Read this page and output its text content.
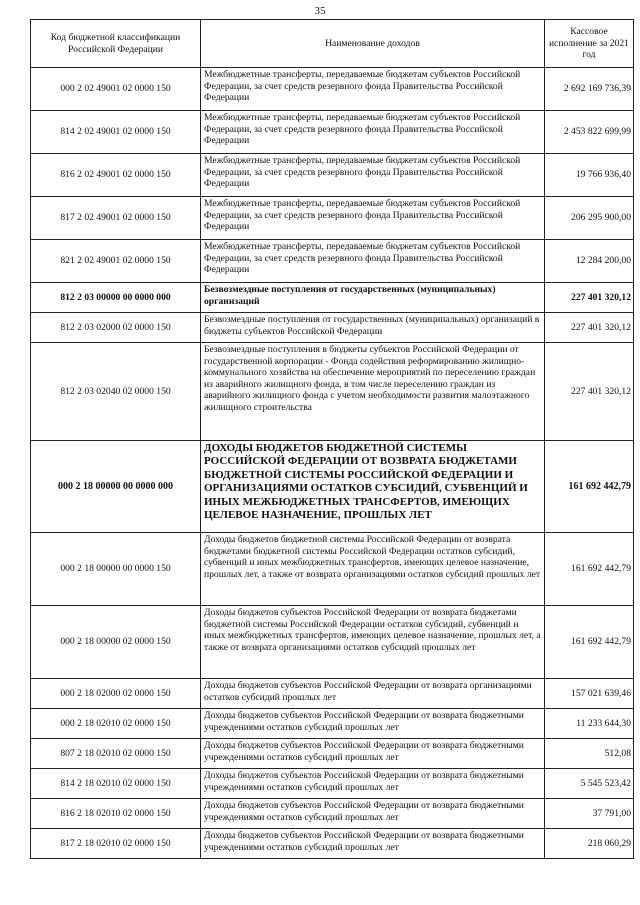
35
Код бюджетной классификации Российской Федерации	Наименование доходов	Кассовое исполнение за 2021 год
000 2 02 49001 02 0000 150	Межбюджетные трансферты, передаваемые бюджетам субъектов Российской Федерации, за счет средств резервного фонда Правительства Российской Федерации	2 692 169 736,39
814 2 02 49001 02 0000 150	Межбюджетные трансферты, передаваемые бюджетам субъектов Российской Федерации, за счет средств резервного фонда Правительства Российской Федерации	2 453 822 699,99
816 2 02 49001 02 0000 150	Межбюджетные трансферты, передаваемые бюджетам субъектов Российской Федерации, за счет средств резервного фонда Правительства Российской Федерации	19 766 936,40
817 2 02 49001 02 0000 150	Межбюджетные трансферты, передаваемые бюджетам субъектов Российской Федерации, за счет средств резервного фонда Правительства Российской Федерации	206 295 900,00
821 2 02 49001 02 0000 150	Межбюджетные трансферты, передаваемые бюджетам субъектов Российской Федерации, за счет средств резервного фонда Правительства Российской Федерации	12 284 200,00
812 2 03 00000 00 0000 000	Безвозмездные поступления от государственных (муниципальных) организаций	227 401 320,12
812 2 03 02000 02 0000 150	Безвозмездные поступления от государственных (муниципальных) организаций в бюджеты субъектов Российской Федерации	227 401 320,12
812 2 03 02040 02 0000 150	Безвозмездные поступления в бюджеты субъектов Российской Федерации от государственной корпорации - Фонда содействия реформированию жилищно-коммунального хозяйства на обеспечение мероприятий по переселению граждан из аварийного жилищного фонда, в том числе переселению граждан из аварийного жилищного фонда с учетом необходимости развития малоэтажного жилищного строительства	227 401 320,12
000 2 18 00000 00 0000 000	ДОХОДЫ БЮДЖЕТОВ БЮДЖЕТНОЙ СИСТЕМЫ РОССИЙСКОЙ ФЕДЕРАЦИИ ОТ ВОЗВРАТА БЮДЖЕТАМИ БЮДЖЕТНОЙ СИСТЕМЫ РОССИЙСКОЙ ФЕДЕРАЦИИ И ОРГАНИЗАЦИЯМИ ОСТАТКОВ СУБСИДИЙ, СУБВЕНЦИЙ И ИНЫХ МЕЖБЮДЖЕТНЫХ ТРАНСФЕРТОВ, ИМЕЮЩИХ ЦЕЛЕВОЕ НАЗНАЧЕНИЕ, ПРОШЛЫХ ЛЕТ	161 692 442,79
000 2 18 00000 00 0000 150	Доходы бюджетов бюджетной системы Российской Федерации от возврата бюджетами бюджетной системы Российской Федерации остатков субсидий, субвенций и иных межбюджетных трансфертов, имеющих целевое назначение, прошлых лет, а также от возврата организациями остатков субсидий прошлых лет	161 692 442,79
000 2 18 00000 02 0000 150	Доходы бюджетов субъектов Российской Федерации от возврата бюджетами бюджетной системы Российской Федерации остатков субсидий, субвенций и иных межбюджетных трансфертов, имеющих целевое назначение, прошлых лет, а также от возврата организациями остатков субсидий прошлых лет	161 692 442,79
000 2 18 02000 02 0000 150	Доходы бюджетов субъектов Российской Федерации от возврата организациями остатков субсидий прошлых лет	157 021 639,46
000 2 18 02010 02 0000 150	Доходы бюджетов субъектов Российской Федерации от возврата бюджетными учреждениями остатков субсидий прошлых лет	11 233 644,30
807 2 18 02010 02 0000 150	Доходы бюджетов субъектов Российской Федерации от возврата бюджетными учреждениями остатков субсидий прошлых лет	512,08
814 2 18 02010 02 0000 150	Доходы бюджетов субъектов Российской Федерации от возврата бюджетными учреждениями остатков субсидий прошлых лет	5 545 523,42
816 2 18 02010 02 0000 150	Доходы бюджетов субъектов Российской Федерации от возврата бюджетными учреждениями остатков субсидий прошлых лет	37 791,00
817 2 18 02010 02 0000 150	Доходы бюджетов субъектов Российской Федерации от возврата бюджетными учреждениями остатков субсидий прошлых лет	218 060,29
